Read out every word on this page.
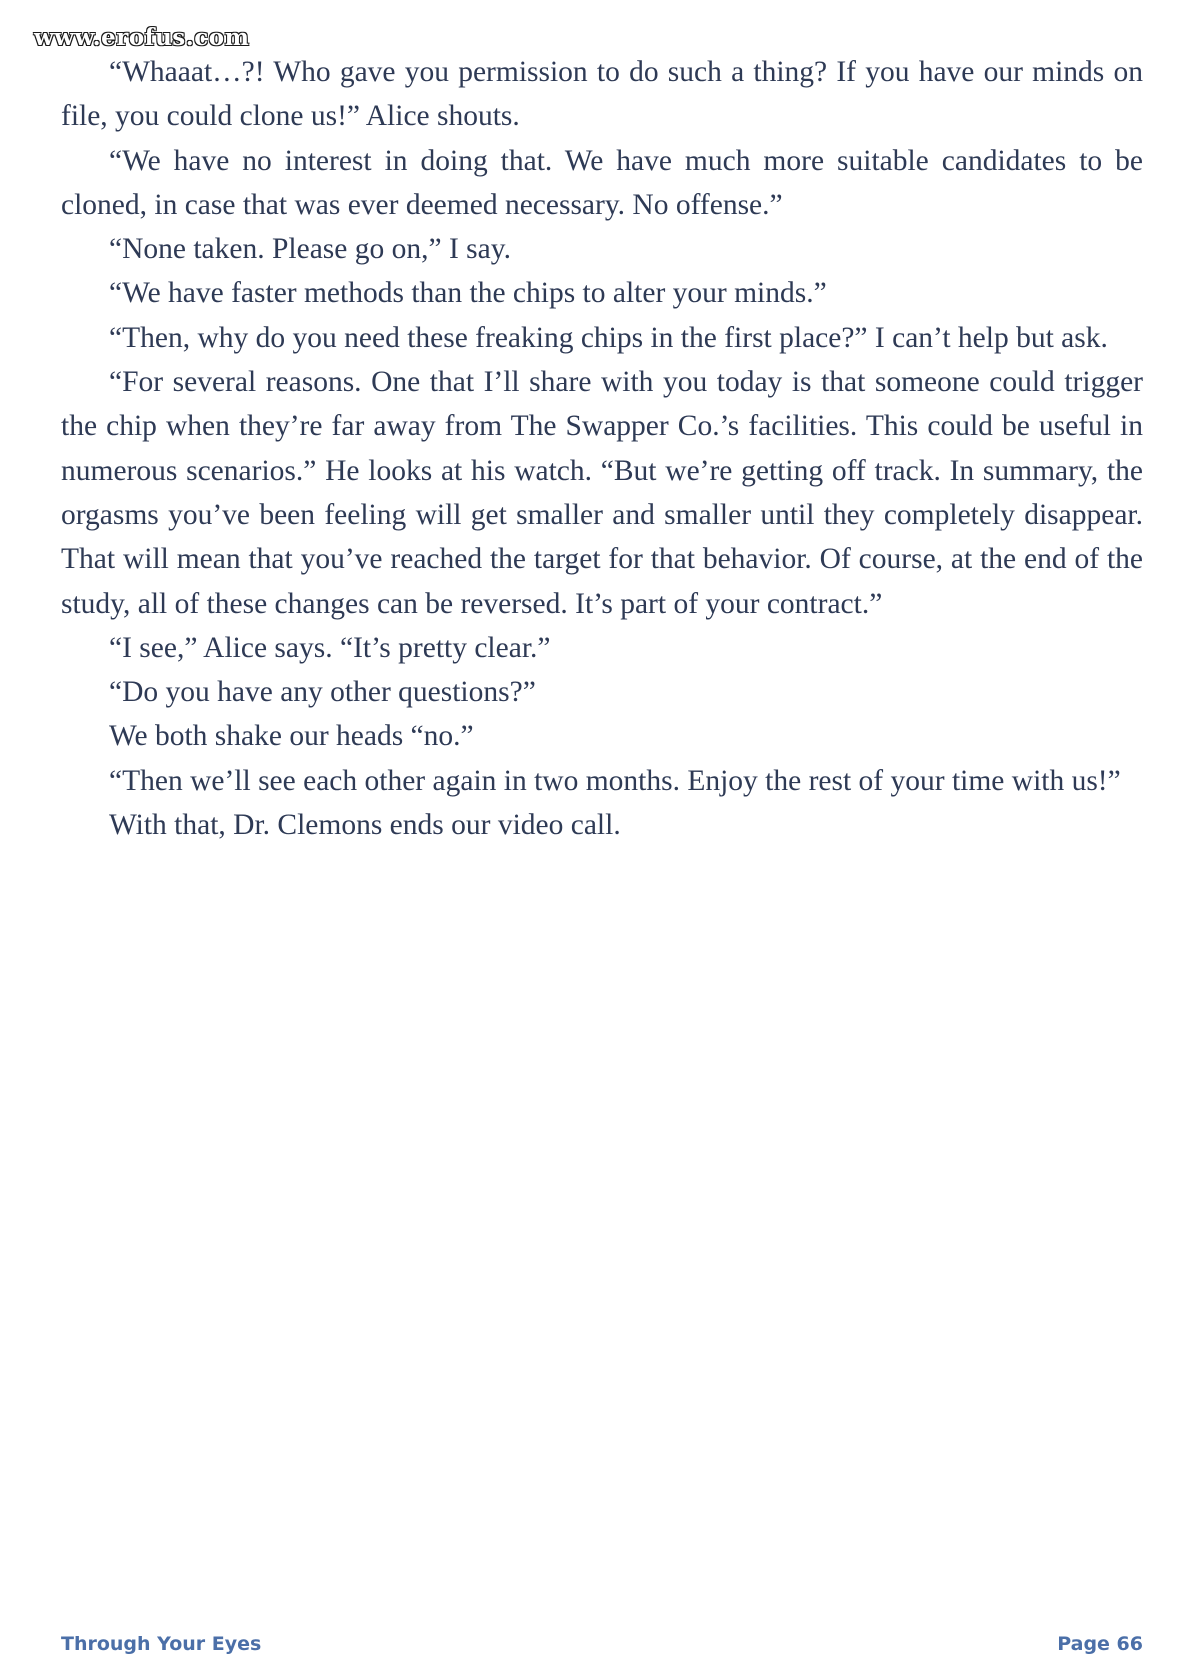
www.erofus.com

“Whaaat…?! Who gave you permission to do such a thing? If you have our minds on file, you could clone us!” Alice shouts.

“We have no interest in doing that. We have much more suitable candidates to be cloned, in case that was ever deemed necessary. No offense.”

“None taken. Please go on,” I say.

“We have faster methods than the chips to alter your minds.”

“Then, why do you need these freaking chips in the first place?” I can’t help but ask.

“For several reasons. One that I’ll share with you today is that someone could trigger the chip when they’re far away from The Swapper Co.’s facilities. This could be useful in numerous scenarios.” He looks at his watch. “But we’re getting off track. In summary, the orgasms you’ve been feeling will get smaller and smaller until they completely disappear. That will mean that you’ve reached the target for that behavior. Of course, at the end of the study, all of these changes can be reversed. It’s part of your contract.”

“I see,” Alice says. “It’s pretty clear.”

“Do you have any other questions?”

We both shake our heads “no.”

“Then we’ll see each other again in two months. Enjoy the rest of your time with us!”

With that, Dr. Clemons ends our video call.

Through Your Eyes	Page 66
